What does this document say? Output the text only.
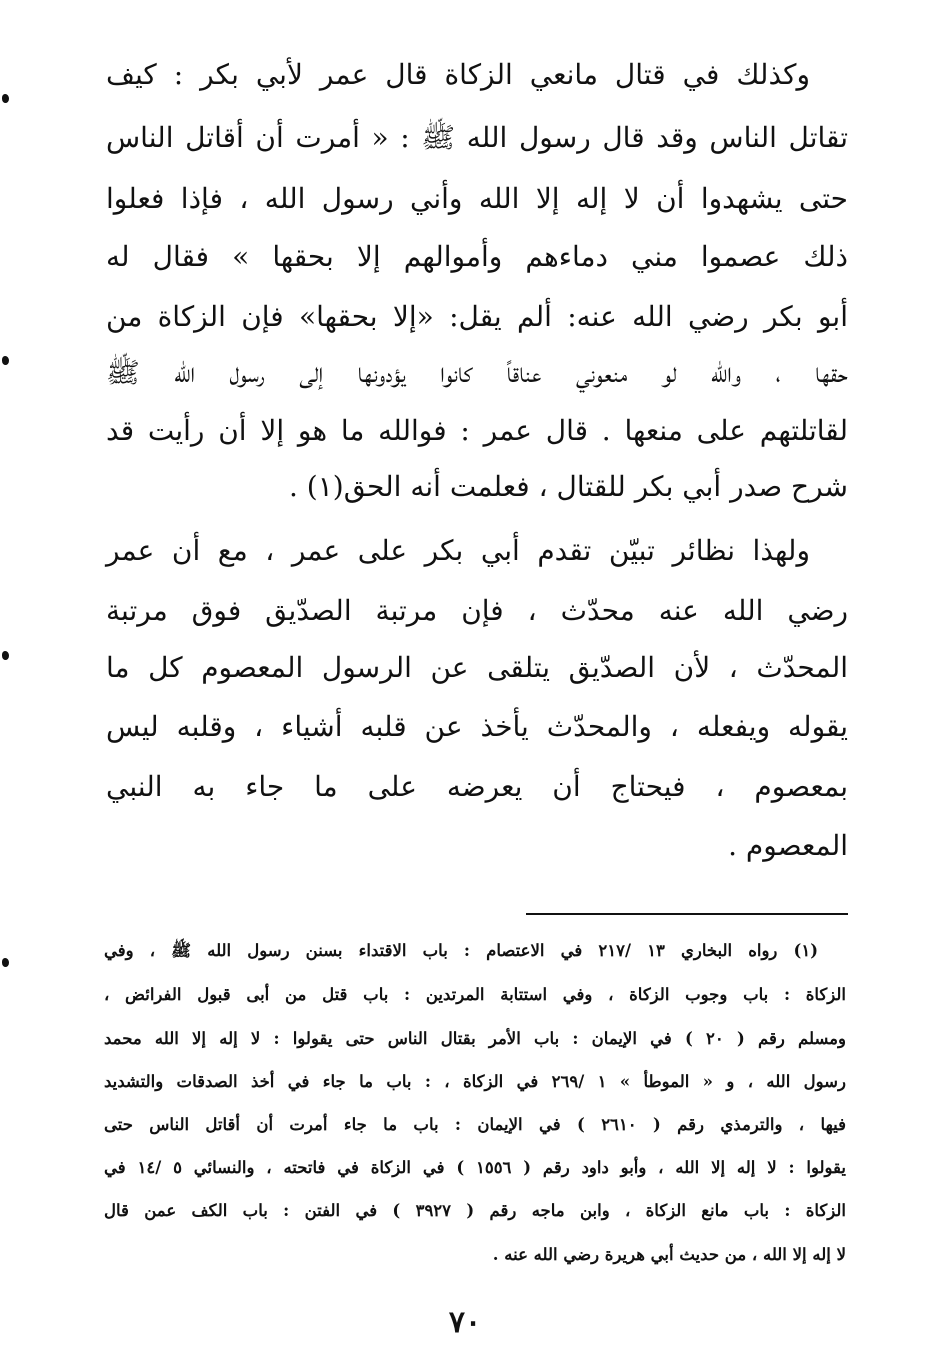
وكذلك في قتال مانعي الزكاة قال عمر لأبي بكر : كيف

تقاتل الناس وقد قال رسول الله ﷺ : « أمرت أن أقاتل الناس

حتى يشهدوا أن لا إله إلا الله وأني رسول الله ، فإذا فعلوا

ذلك عصموا مني دماءهم وأموالهم إلا بحقها » فقال له

أبو بكر رضي الله عنه: ألم يقل: «إلا بحقها» فإن الزكاة من

حقها ، والله لو منعوني عناقاً كانوا يؤدونها إلى رسول الله ﷺ

لقاتلتهم على منعها . قال عمر : فوالله ما هو إلا أن رأيت قد

شرح صدر أبي بكر للقتال ، فعلمت أنه الحق(١) .

ولهذا نظائر تبيّن تقدم أبي بكر على عمر ، مع أن عمر

رضي الله عنه محدّث ، فإن مرتبة الصدّيق فوق مرتبة

المحدّث ، لأن الصدّيق يتلقى عن الرسول المعصوم كل ما

يقوله ويفعله ، والمحدّث يأخذ عن قلبه أشياء ، وقلبه ليس

بمعصوم ، فيحتاج أن يعرضه على ما جاء به النبي

المعصوم .

(١) رواه البخاري ١٣ /٢١٧ في الاعتصام : باب الاقتداء بسنن رسول الله ﷺ ، وفي

الزكاة : باب وجوب الزكاة ، وفي استتابة المرتدين : باب قتل من أبى قبول الفرائض ،

ومسلم رقم ( ٢٠ ) في الإيمان : باب الأمر بقتال الناس حتى يقولوا : لا إله إلا الله محمد

رسول الله ، و « الموطأ » ١ /٢٦٩ في الزكاة ، : باب ما جاء في أخذ الصدقات والتشديد

فيها ، والترمذي رقم ( ٢٦١٠ ) في الإيمان : باب ما جاء أمرت أن أقاتل الناس حتى

يقولوا : لا إله إلا الله ، وأبو داود رقم ( ١٥٥٦ ) في الزكاة في فاتحته ، والنسائي ٥ /١٤ في

الزكاة : باب مانع الزكاة ، وابن ماجه رقم ( ٣٩٢٧ ) في الفتن : باب الكف عمن قال

لا إله إلا الله ، من حديث أبي هريرة رضي الله عنه .

٧٠
